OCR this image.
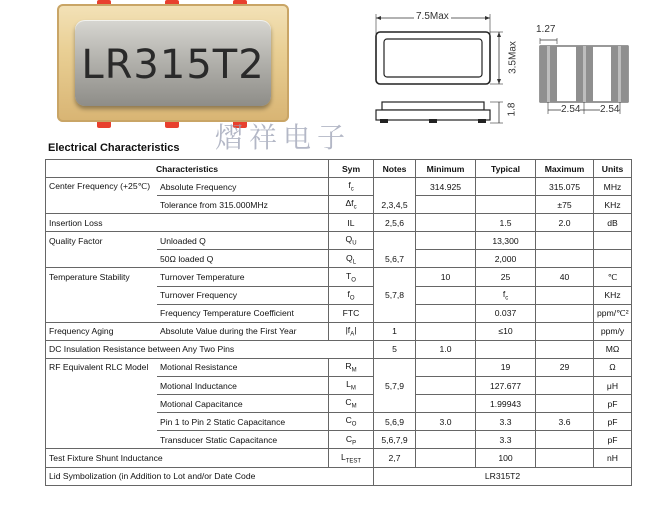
LR315T2
7.5Max
3.5Max
1.8
1.27
2.54 2.54
熠祥电子
Electrical Characteristics
Characteristics		Sym	Notes	Minimum	Typical	Maximum	Units
Center Frequency (+25℃)	Absolute Frequency	$f_c$		314.925		315.075	MHz
	Tolerance from 315.000MHz	$\Delta f_c$	2,3,4,5			±75	KHz
Insertion Loss		IL	2,5,6		1.5	2.0	dB
Quality Factor	Unloaded Q	$Q_U$			13,300		
	50Ω loaded Q	$Q_L$	5,6,7		2,000		
Temperature Stability	Turnover Temperature	$T_O$		10	25	40	℃
	Turnover Frequency	$f_O$	5,7,8		$f_c$		KHz
	Frequency Temperature Coefficient	FTC			0.037		ppm/℃²
Frequency Aging	Absolute Value during the First Year	$|f_A|$	1		≤10		ppm/y
DC Insulation Resistance between Any Two Pins			5	1.0			MΩ
RF Equivalent RLC Model	Motional Resistance	$R_M$			19	29	Ω
	Motional Inductance	$L_M$	5,7,9		127.677		μH
	Motional Capacitance	$C_M$			1.99943		pF
	Pin 1 to Pin 2 Static Capacitance	$C_O$	5,6,9	3.0	3.3	3.6	pF
	Transducer Static Capacitance	$C_P$	5,6,7,9		3.3		pF
Test Fixture Shunt Inductance		$L_{TEST}$	2,7		100		nH
Lid Symbolization (in Addition to Lot and/or Date Code			LR315T2				
